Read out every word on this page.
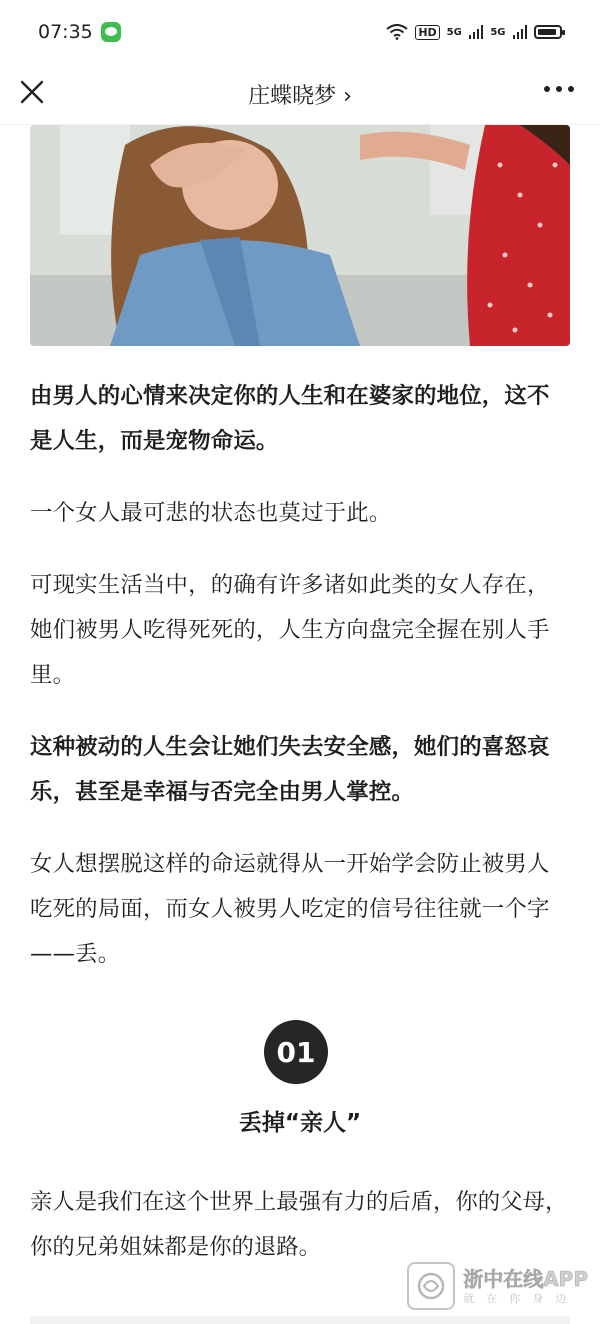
07:35	HD	5G	5G
庄蝶晓梦 ›

由男人的心情来决定你的人生和在婆家的地位，这不是人生，而是宠物命运。

一个女人最可悲的状态也莫过于此。

可现实生活当中，的确有许多诸如此类的女人存在，她们被男人吃得死死的，人生方向盘完全握在别人手里。

这种被动的人生会让她们失去安全感，她们的喜怒哀乐，甚至是幸福与否完全由男人掌控。

女人想摆脱这样的命运就得从一开始学会防止被男人吃死的局面，而女人被男人吃定的信号往往就一个字——丢。

01
丢掉“亲人”

亲人是我们在这个世界上最强有力的后盾，你的父母，你的兄弟姐妹都是你的退路。

浙中在线APP
就在你身边
